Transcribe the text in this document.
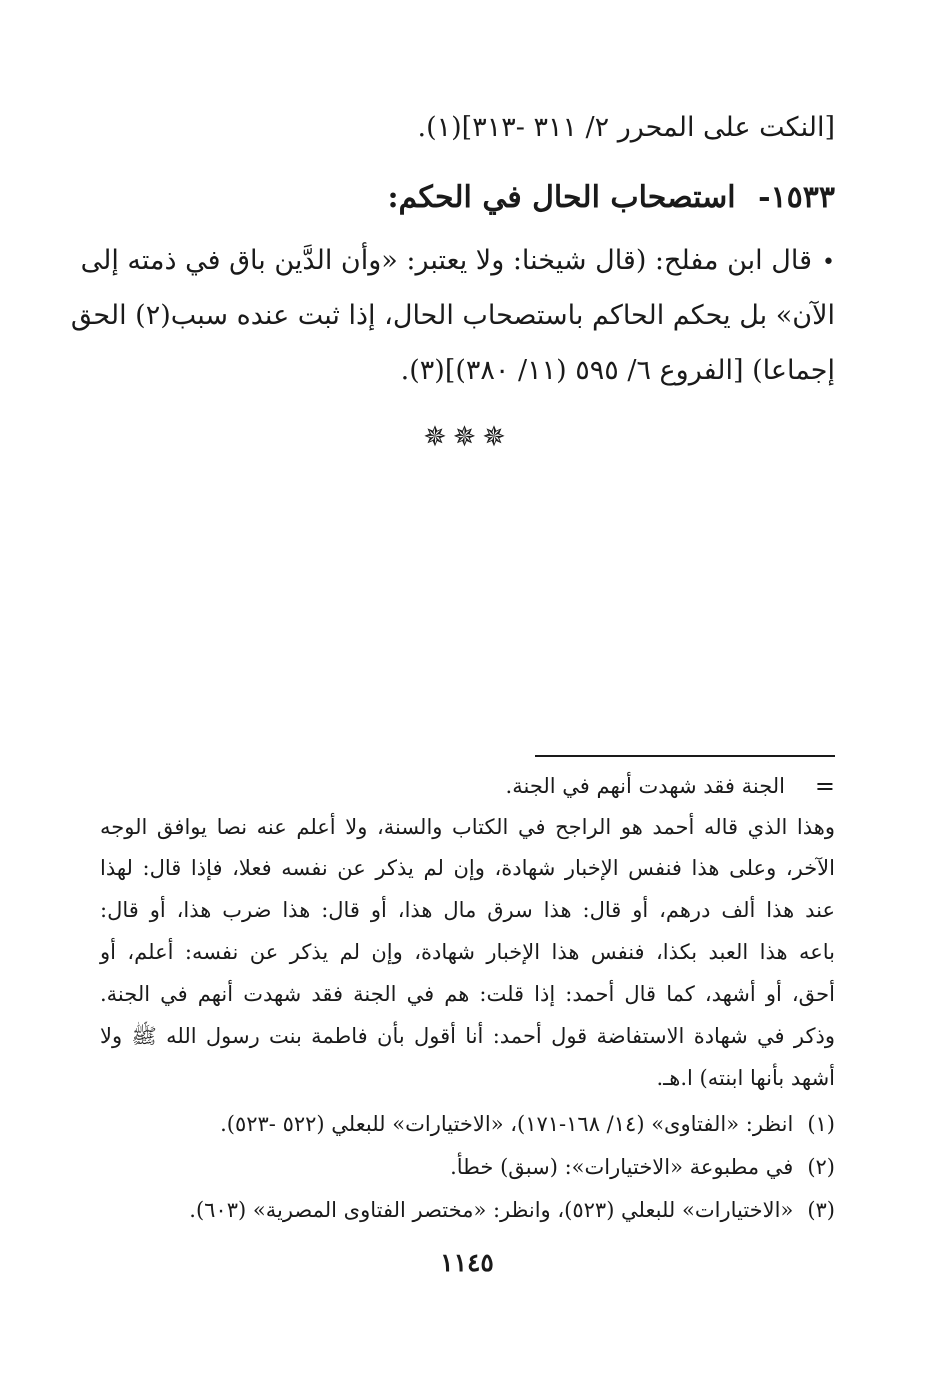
[النكت على المحرر ٢/ ٣١١ -٣١٣](١).
١٥٣٣- استصحاب الحال في الحكم:
•قال ابن مفلح: (قال شيخنا: ولا يعتبر: «وأن الدَّين باق في ذمته إلى
الآن» بل يحكم الحاكم باستصحاب الحال، إذا ثبت عنده سبب(٢) الحق
إجماعا) [الفروع ٦/ ٥٩٥ (١١/ ٣٨٠)](٣).
✵✵✵
=
الجنة فقد شهدت أنهم في الجنة.
وهذا الذي قاله أحمد هو الراجح في الكتاب والسنة، ولا أعلم عنه نصا يوافق الوجه
الآخر، وعلى هذا فنفس الإخبار شهادة، وإن لم يذكر عن نفسه فعلا، فإذا قال: لهذا
عند هذا ألف درهم، أو قال: هذا سرق مال هذا، أو قال: هذا ضرب هذا، أو قال:
باعه هذا العبد بكذا، فنفس هذا الإخبار شهادة، وإن لم يذكر عن نفسه: أعلم، أو
أحق، أو أشهد، كما قال أحمد: إذا قلت: هم في الجنة فقد شهدت أنهم في الجنة.
وذكر في شهادة الاستفاضة قول أحمد: أنا أقول بأن فاطمة بنت رسول الله ﷺ ولا
أشهد بأنها ابنته) ا.هـ.
(١)انظر: «الفتاوى» (١٤/ ١٦٨-١٧١)، «الاختيارات» للبعلي (٥٢٢ -٥٢٣).
(٢)في مطبوعة «الاختيارات»: (سبق) خطأ.
(٣)«الاختيارات» للبعلي (٥٢٣)، وانظر: «مختصر الفتاوى المصرية» (٦٠٣).
١١٤٥
